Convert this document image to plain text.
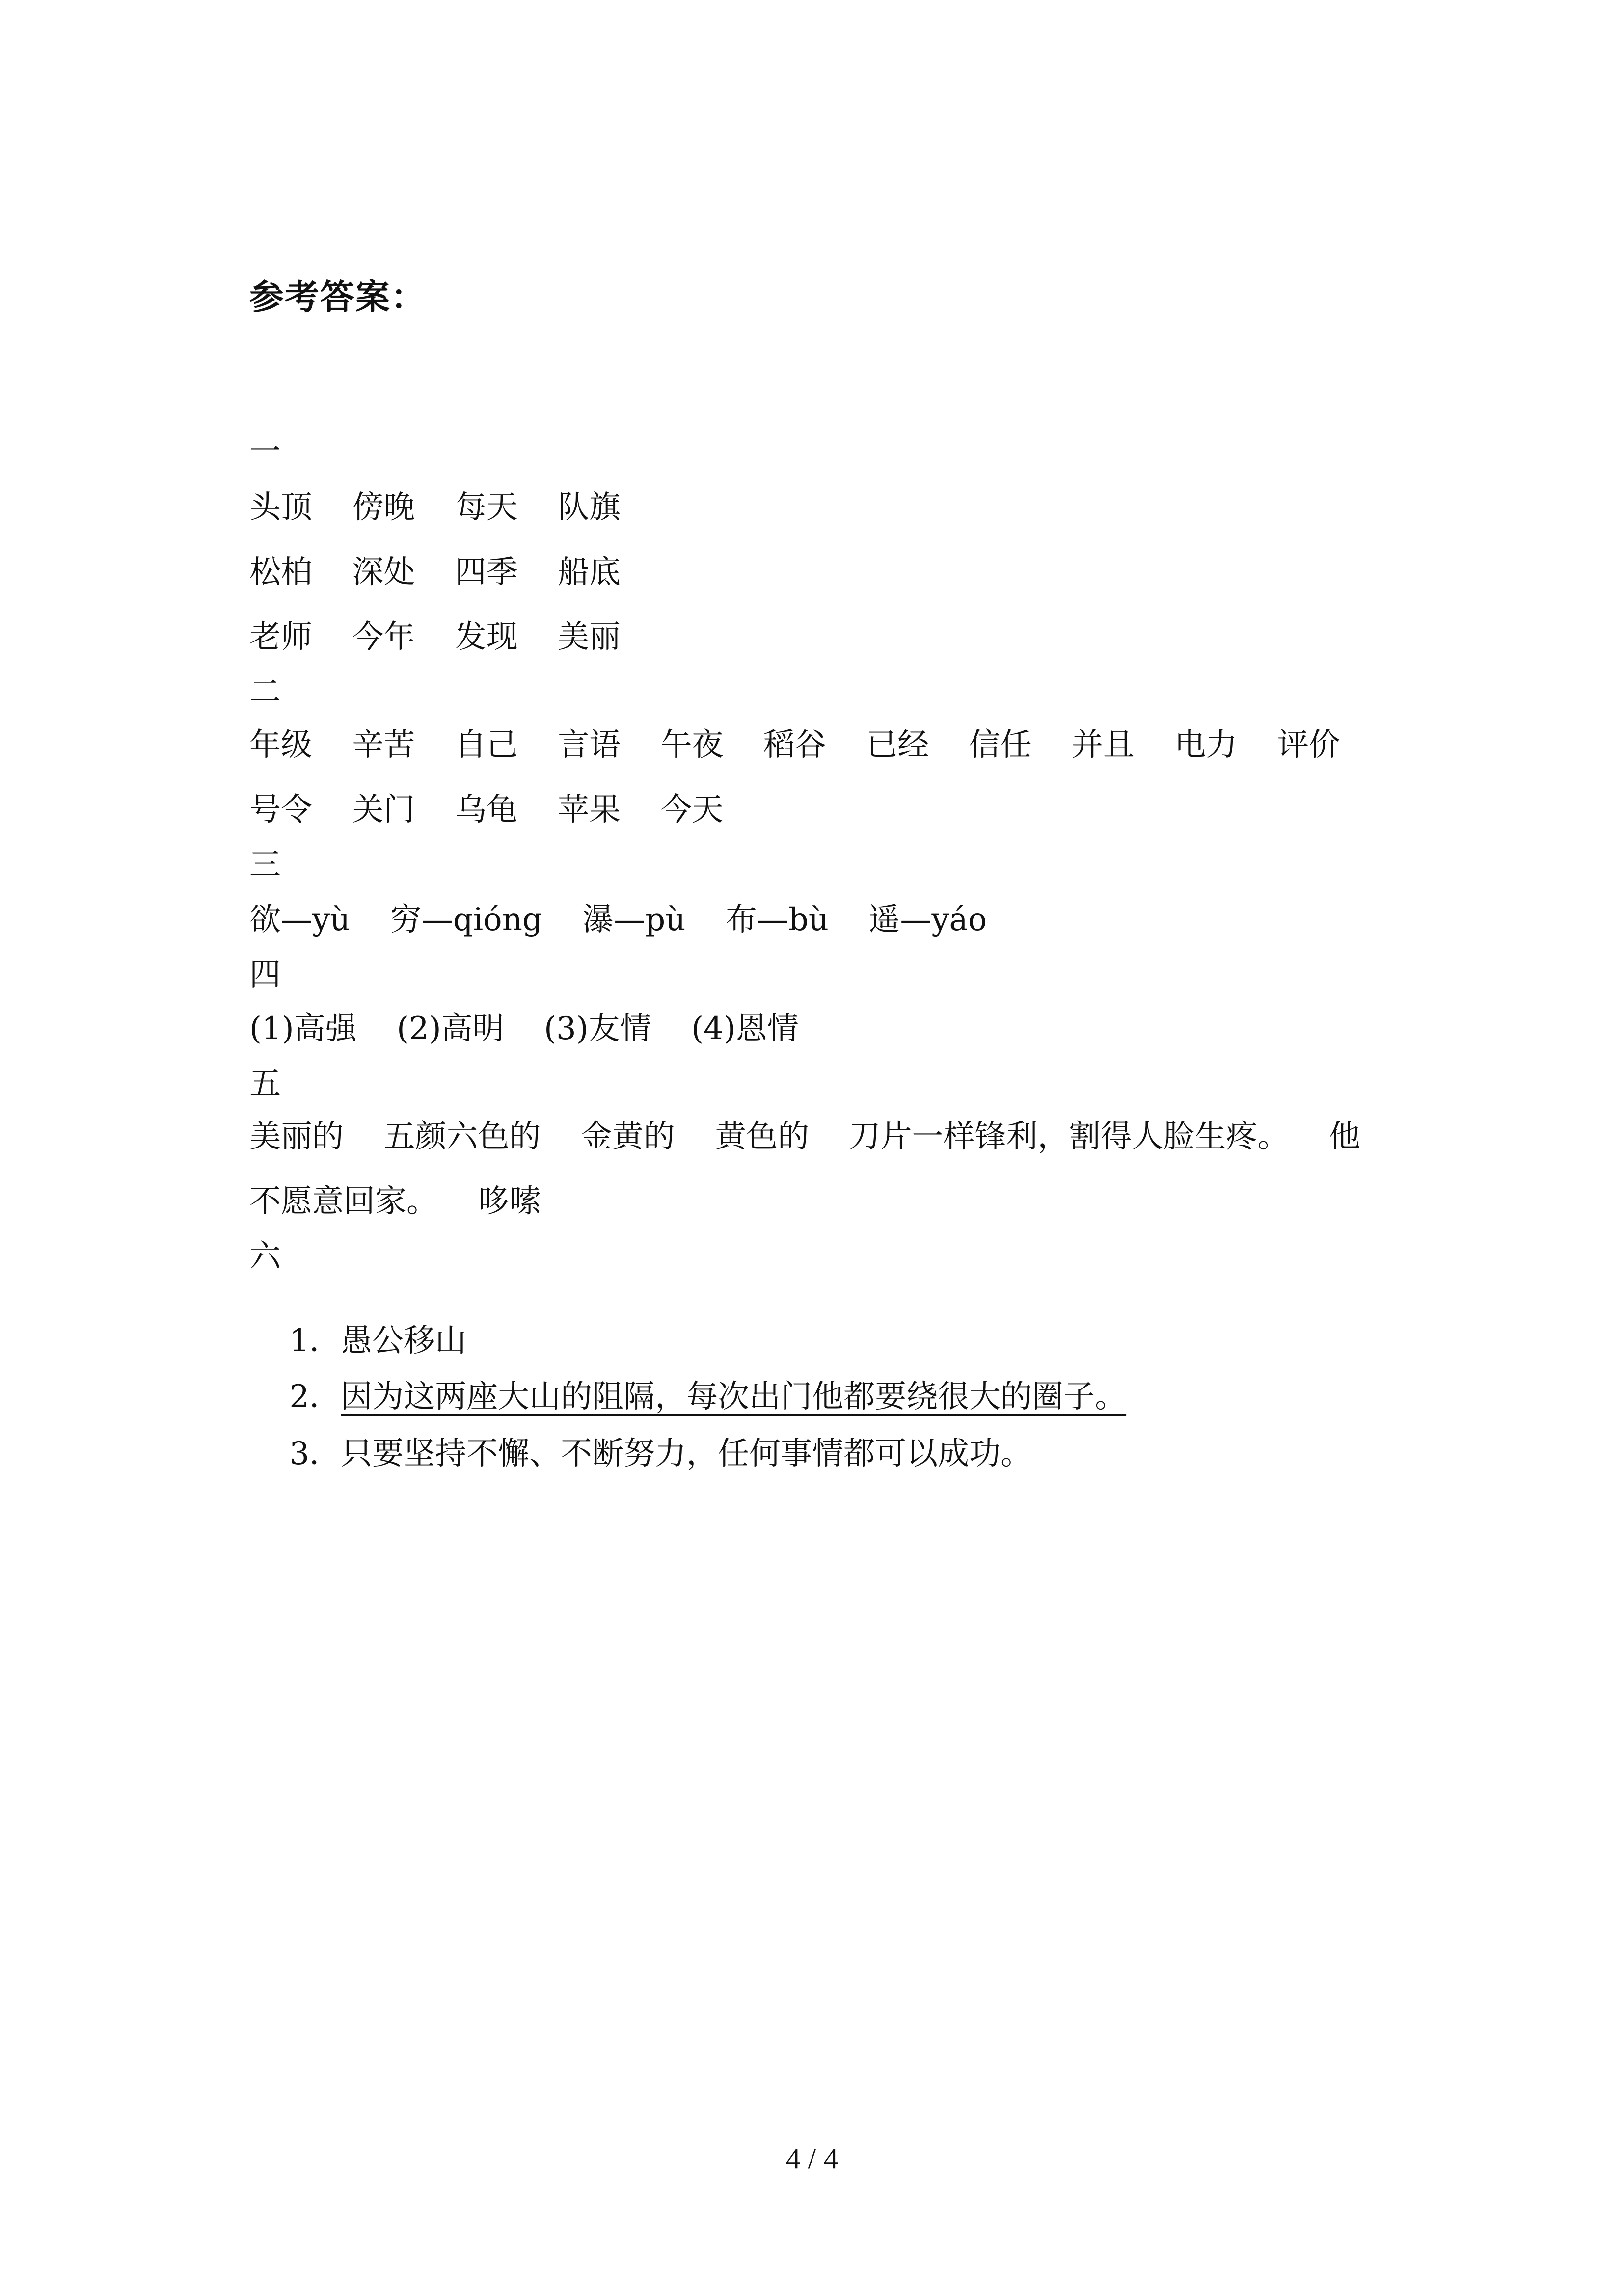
参考答案：
一
头顶    傍晚    每天    队旗
松柏    深处    四季    船底
老师    今年    发现    美丽
二
年级    辛苦    自己    言语    午夜    稻谷    已经    信任    并且    电力    评价
号令    关门    乌龟    苹果    今天
三
欲—yù    穷—qióng    瀑—pù    布—bù    遥—yáo
四
(1)高强    (2)高明    (3)友情    (4)恩情
五
美丽的    五颜六色的    金黄的    黄色的    刀片一样锋利，割得人脸生疼。    他
不愿意回家。    哆嗦
六

1．愚公移山

2．因为这两座大山的阻隔，每次出门他都要绕很大的圈子。

3．只要坚持不懈、不断努力，任何事情都可以成功。

4 / 4
